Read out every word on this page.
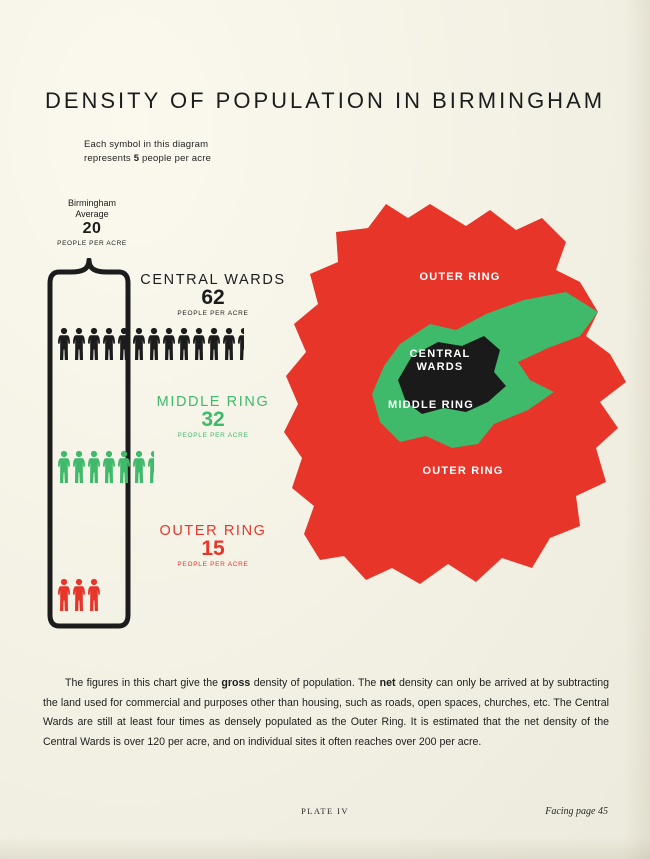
DENSITY OF POPULATION IN BIRMINGHAM
Each symbol in this diagram
represents 5 people per acre
Birmingham
Average
20
PEOPLE PER ACRE
CENTRAL WARDS
62
PEOPLE PER ACRE
MIDDLE RING
32
PEOPLE PER ACRE
OUTER RING
15
PEOPLE PER ACRE
OUTER RING
OUTER RING
MIDDLE RING
CENTRAL
WARDS
The figures in this chart give the gross density of population. The net density can only be arrived at by subtracting the land used for commercial and purposes other than housing, such as roads, open spaces, churches, etc. The Central Wards are still at least four times as densely populated as the Outer Ring. It is estimated that the net density of the Central Wards is over 120 per acre, and on individual sites it often reaches over 200 per acre.
PLATE IV	Facing page 45
